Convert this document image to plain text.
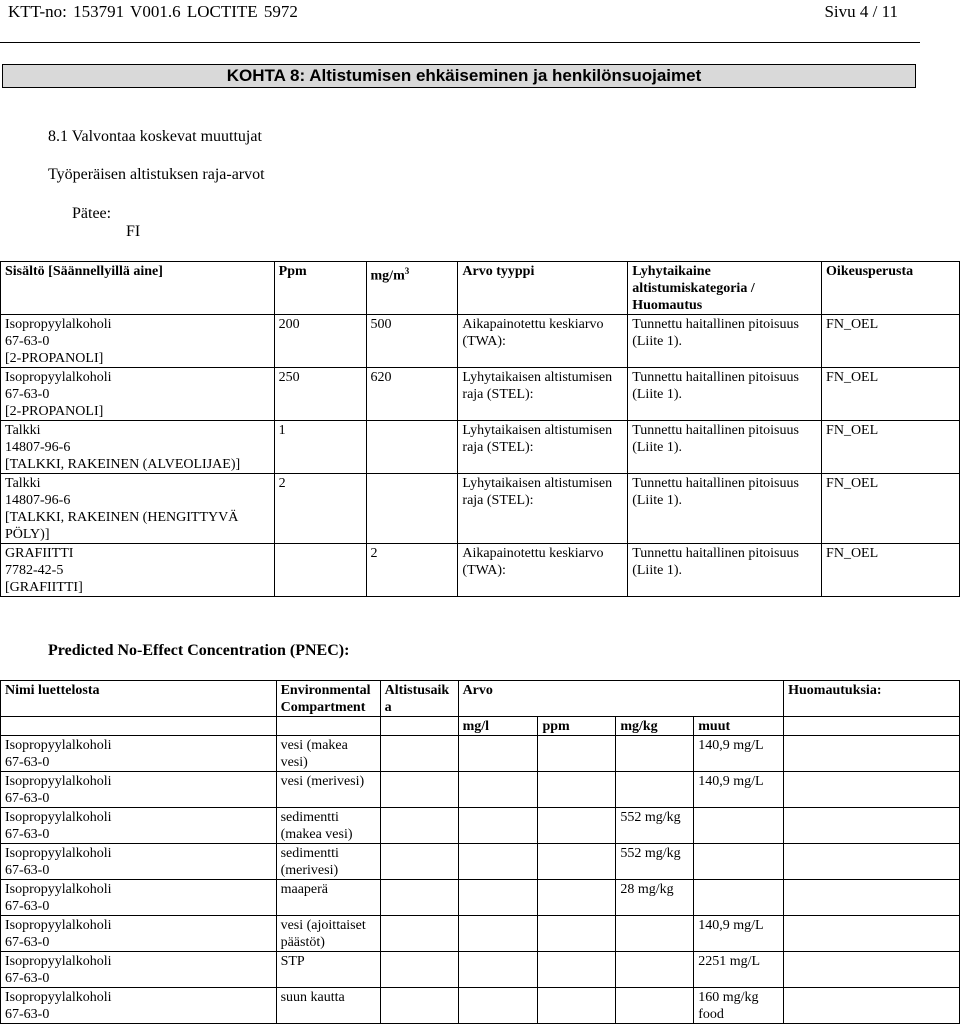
KTT-no: 153791 V001.6 LOCTITE 5972	Sivu 4 / 11
KOHTA 8: Altistumisen ehkäiseminen ja henkilönsuojaimet
8.1 Valvontaa koskevat muuttujat
Työperäisen altistuksen raja-arvot
Pätee:
FI
Sisältö [Säännellyillä aine]	Ppm	$mg/m^3$	Arvo tyyppi	Lyhytaikaine altistumiskategoria / Huomautus	Oikeusperusta

Isopropyylalkoholi
67-63-0
[2-PROPANOLI]	200	500	Aikapainotettu keskiarvo (TWA):	Tunnettu haitallinen pitoisuus (Liite 1).	FN_OEL

Isopropyylalkoholi
67-63-0
[2-PROPANOLI]	250	620	Lyhytaikaisen altistumisen raja (STEL):	Tunnettu haitallinen pitoisuus (Liite 1).	FN_OEL

Talkki
14807-96-6
[TALKKI, RAKEINEN (ALVEOLIJAE)]	1		Lyhytaikaisen altistumisen raja (STEL):	Tunnettu haitallinen pitoisuus (Liite 1).	FN_OEL

Talkki
14807-96-6
[TALKKI, RAKEINEN (HENGITTYVÄ PÖLY)]	2		Lyhytaikaisen altistumisen raja (STEL):	Tunnettu haitallinen pitoisuus (Liite 1).	FN_OEL

GRAFIITTI
7782-42-5
[GRAFIITTI]		2	Aikapainotettu keskiarvo (TWA):	Tunnettu haitallinen pitoisuus (Liite 1).	FN_OEL
Predicted No-Effect Concentration (PNEC):
Nimi luettelosta	Environmental Compartment	Altistusaik a	Arvo				Huomautuksia:
			mg/l	ppm	mg/kg	muut	

Isopropyylalkoholi
67-63-0	vesi (makea vesi)					140,9 mg/L	

Isopropyylalkoholi
67-63-0	vesi (merivesi)					140,9 mg/L	

Isopropyylalkoholi
67-63-0	sedimentti (makea vesi)				552 mg/kg		

Isopropyylalkoholi
67-63-0	sedimentti (merivesi)				552 mg/kg		

Isopropyylalkoholi
67-63-0	maaperä				28 mg/kg		

Isopropyylalkoholi
67-63-0	vesi (ajoittaiset päästöt)					140,9 mg/L	

Isopropyylalkoholi
67-63-0	STP					2251 mg/L	

Isopropyylalkoholi
67-63-0	suun kautta					160 mg/kg food	
